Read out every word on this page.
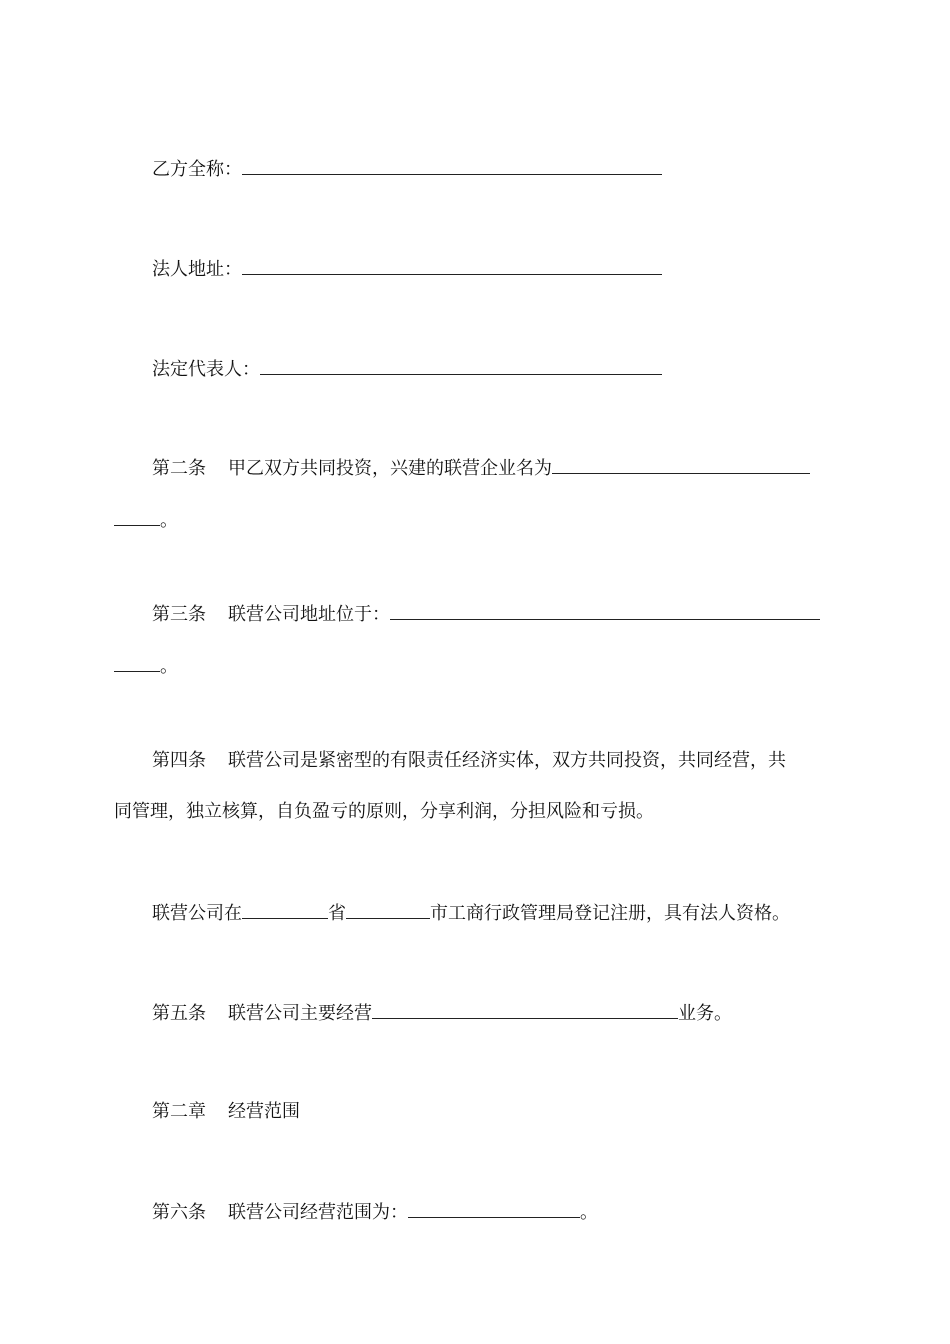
乙方全称：
法人地址：
法定代表人：
第二条 甲乙双方共同投资，兴建的联营企业名为
。
第三条 联营公司地址位于：
。
第四条 联营公司是紧密型的有限责任经济实体，双方共同投资，共同经营，共
同管理，独立核算，自负盈亏的原则，分享利润，分担风险和亏损。
联营公司在	省	市工商行政管理局登记注册，具有法人资格。
第五条 联营公司主要经营	业务。
第二章 经营范围
第六条 联营公司经营范围为：	。
